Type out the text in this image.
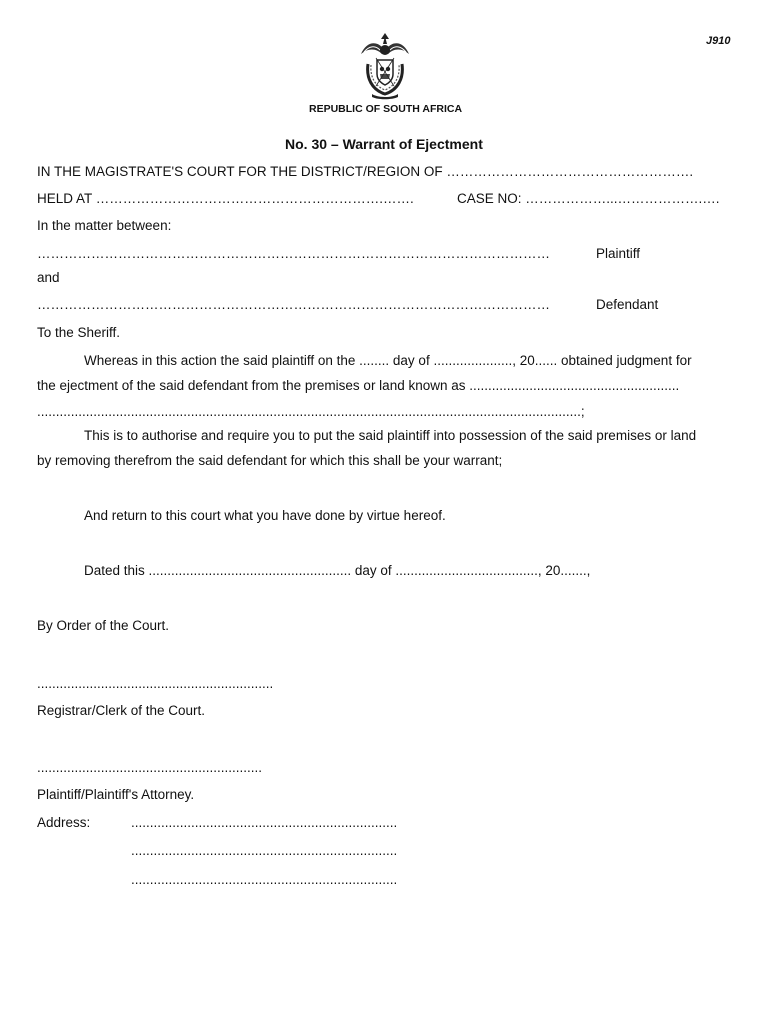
J910
REPUBLIC OF SOUTH AFRICA
No. 30 – Warrant of Ejectment
IN THE MAGISTRATE'S COURT FOR THE DISTRICT/REGION OF ……………………………………………….
HELD AT ……………………………………………………….…….	CASE NO: ………………...……………….….
In the matter between:
……………………………………………………………………………………………………	Plaintiff
and
……………………………………………………………………………………………………	Defendant
To the Sheriff.
Whereas in this action the said plaintiff on the ........ day of ....................., 20...... obtained judgment for
the ejectment of the said defendant from the premises or land known as ........................................................
.................................................................................................................................................;
This is to authorise and require you to put the said plaintiff into possession of the said premises or land
by removing therefrom the said defendant for which this shall be your warrant;
And return to this court what you have done by virtue hereof.
Dated this ...................................................... day of ......................................, 20.......,
By Order of the Court.
...............................................................
Registrar/Clerk of the Court.
............................................................
Plaintiff/Plaintiff's Attorney.
Address:	.......................................................................
.......................................................................
.......................................................................
